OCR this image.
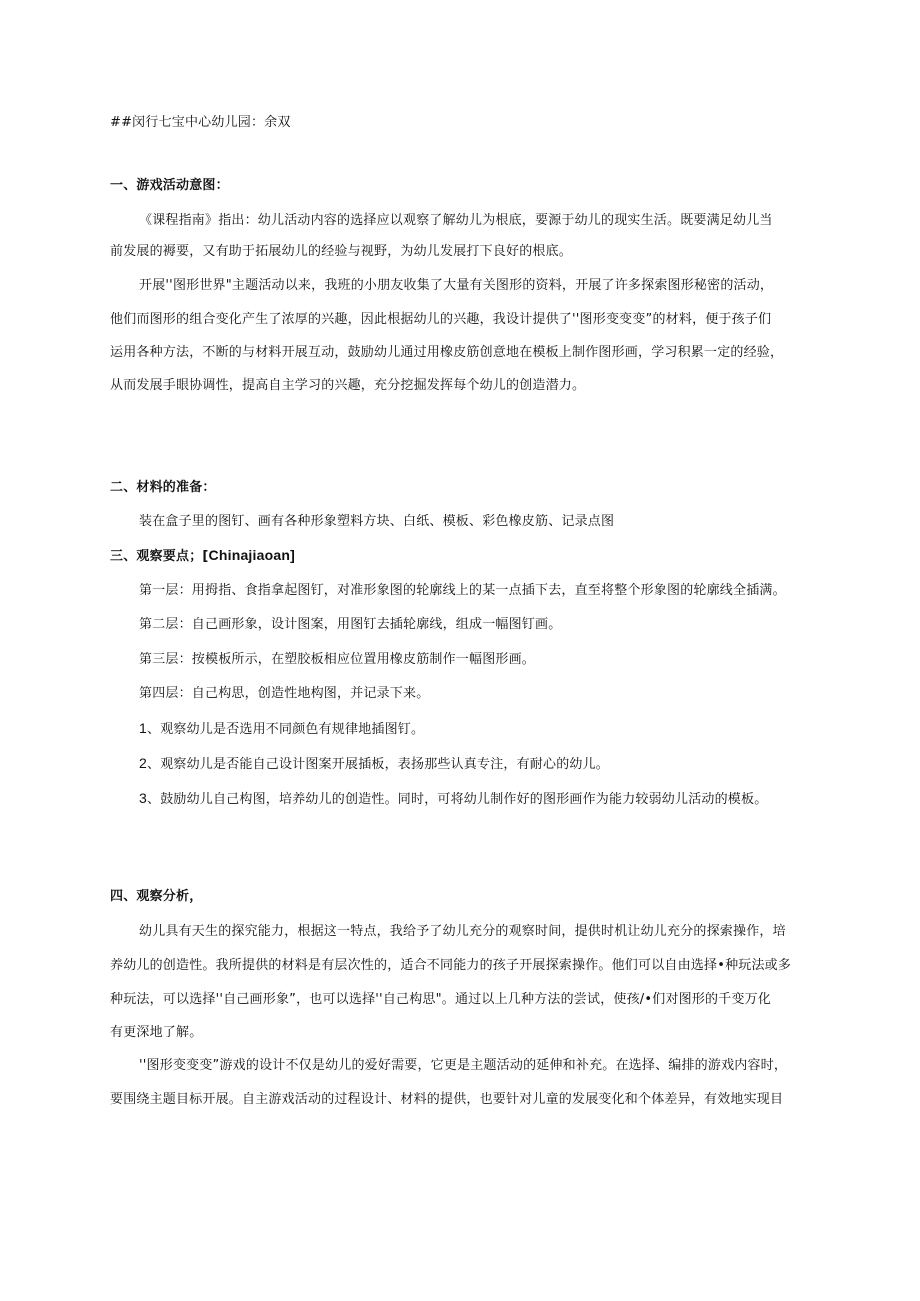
##闵行七宝中心幼儿园：余双
一、游戏活动意图：
《课程指南》指出：幼儿活动内容的选择应以观察了解幼儿为根底，要源于幼儿的现实生活。既要满足幼儿当
前发展的褥要，又有助于拓展幼儿的经验与视野，为幼儿发展打下良好的根底。
开展''图形世界"主题活动以来，我班的小朋友收集了大量有关图形的资料，开展了许多探索图形秘密的活动，
他们而图形的组合变化产生了浓厚的兴趣，因此根据幼儿的兴趣，我设计提供了''图形变变变”的材料，便于孩子们
运用各种方法，不断的与材料开展互动，鼓励幼儿通过用橡皮筋创意地在模板上制作图形画，学习积累一定的经验，
从而发展手眼协调性，提高自主学习的兴趣，充分挖掘发挥每个幼儿的创造潜力。
二、材料的准备：
装在盒子里的图钉、画有各种形象塑料方块、白纸、模板、彩色橡皮筋、记录点图
三、观察要点；[Chinajiaoan]
第一层：用拇指、食指拿起图钉，对准形象图的轮廓线上的某一点插下去，直至将整个形象图的轮廓线全插满。
第二层：自己画形象，设计图案，用图钉去插轮廓线，组成一幅图钉画。
第三层：按模板所示，在塑胶板相应位置用橡皮筋制作一幅图形画。
第四层：自己构思，创造性地构图，并记录下来。
1、观察幼儿是否选用不同颜色有规律地插图钉。
2、观察幼儿是否能自己设计图案开展插板，表扬那些认真专注，有耐心的幼儿。
3、鼓励幼儿自己构图，培养幼儿的创造性。同时，可将幼儿制作好的图形画作为能力较弱幼儿活动的模板。
四、观察分析，
幼儿具有天生的探究能力，根据这一特点，我给予了幼儿充分的观察时间，提供时机让幼儿充分的探索操作，培
养幼儿的创造性。我所提供的材料是有层次性的，适合不同能力的孩子开展探索操作。他们可以自由选择•种玩法或多
种玩法，可以选择''自己画形象”，也可以选择''自己构思"。通过以上几种方法的尝试，使孩/•们对图形的千变万化
有更深地了解。
''图形变变变”游戏的设计不仅是幼儿的爱好需要，它更是主题活动的延伸和补充。在选择、编排的游戏内容时，
要围绕主题目标开展。自主游戏活动的过程设计、材料的提供，也要针对儿童的发展变化和个体差异，有效地实现目
